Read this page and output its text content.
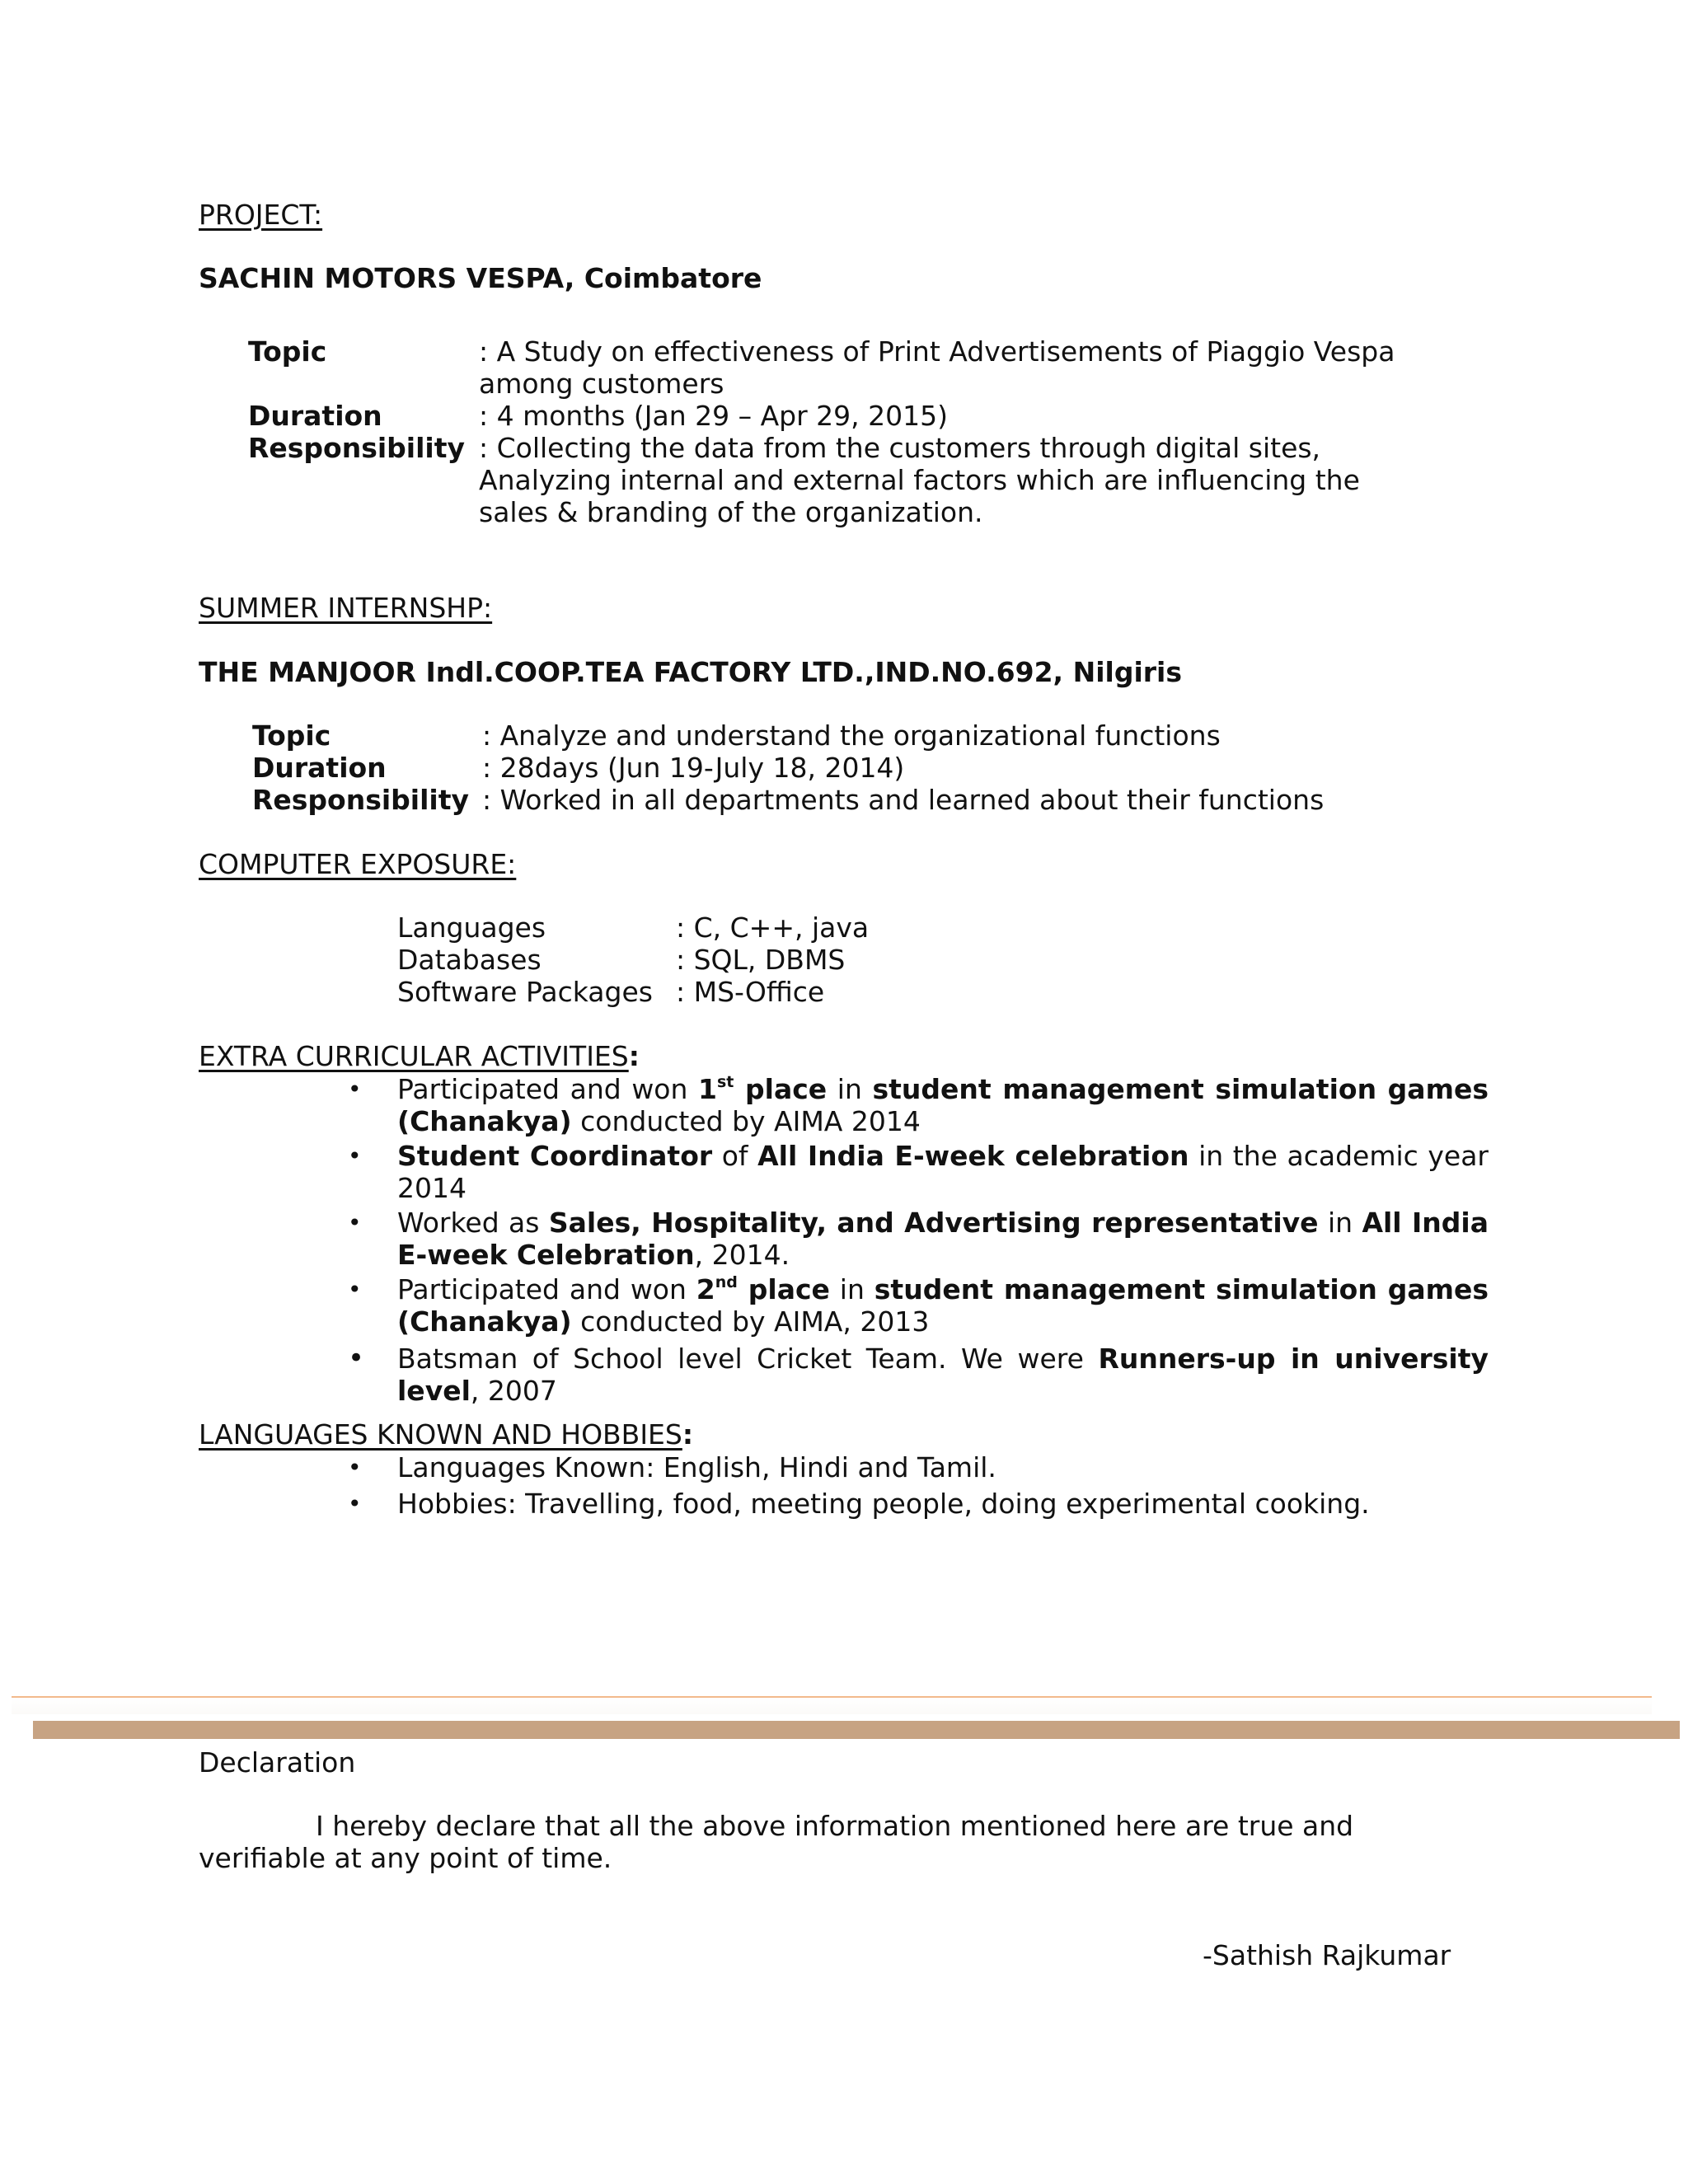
PROJECT:
SACHIN MOTORS VESPA, Coimbatore
Topic	: A Study on effectiveness of Print Advertisements of Piaggio Vespa among customers
Duration	: 4 months (Jan 29 – Apr 29, 2015)
Responsibility : Collecting the data from the customers through digital sites, Analyzing internal and external factors which are influencing the sales & branding of the organization.
SUMMER INTERNSHP:
THE MANJOOR Indl.COOP.TEA FACTORY LTD.,IND.NO.692, Nilgiris
Topic	: Analyze and understand the organizational functions
Duration	: 28days (Jun 19-July 18, 2014)
Responsibility : Worked in all departments and learned about their functions
COMPUTER EXPOSURE:
Languages	: C, C++, java
Databases	: SQL, DBMS
Software Packages : MS-Office
EXTRA CURRICULAR ACTIVITIES:
•	Participated and won 1st place in student management simulation games (Chanakya) conducted by AIMA 2014
•	Student Coordinator of All India E-week celebration in the academic year 2014
•	Worked as Sales, Hospitality, and Advertising representative in All India E-week Celebration, 2014.
•	Participated and won 2nd place in student management simulation games (Chanakya) conducted by AIMA, 2013
•	Batsman of School level Cricket Team. We were Runners-up in university level, 2007
LANGUAGES KNOWN AND HOBBIES:
•	Languages Known: English, Hindi and Tamil.
•	Hobbies: Travelling, food, meeting people, doing experimental cooking.
Declaration
I hereby declare that all the above information mentioned here are true and verifiable at any point of time.
-Sathish Rajkumar
